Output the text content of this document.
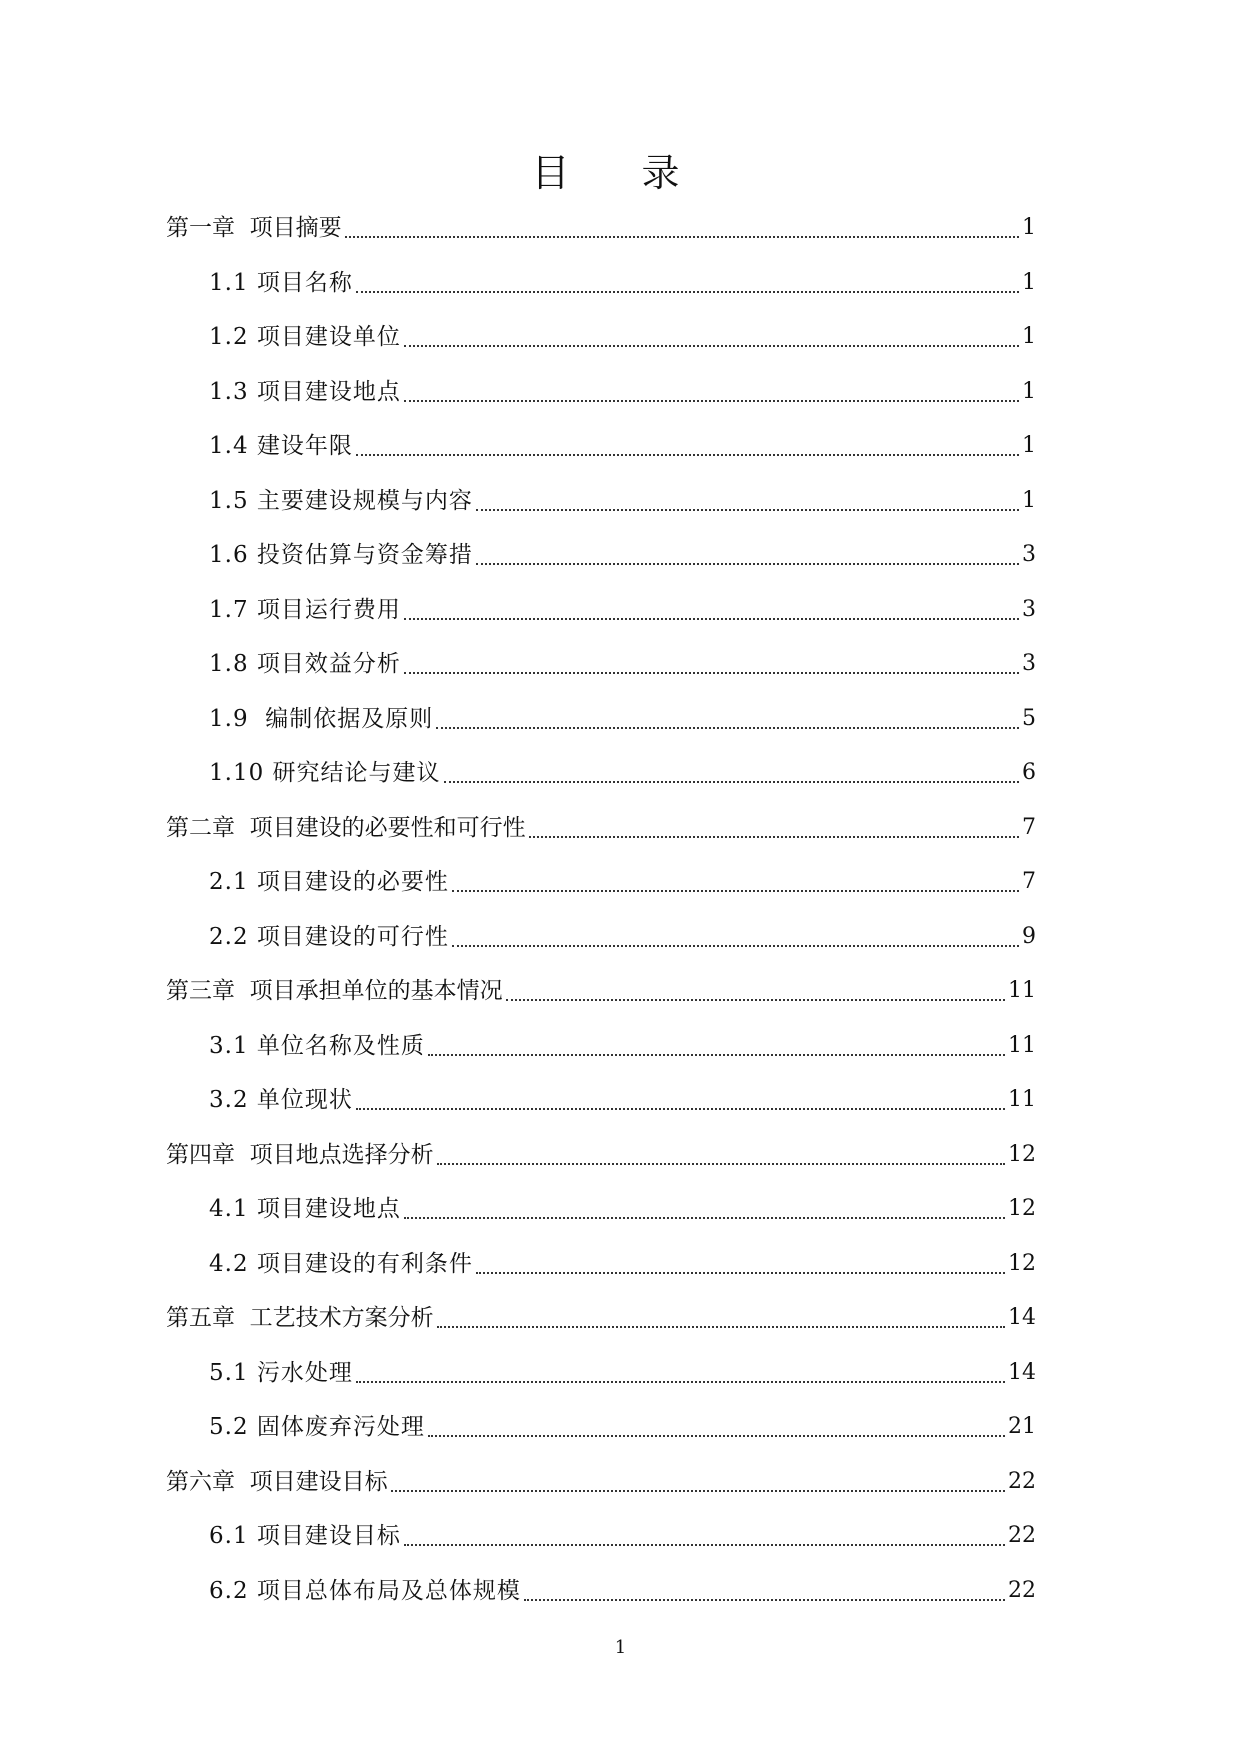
目 录
第一章  项目摘要	1
1.1 项目名称	1
1.2 项目建设单位	1
1.3 项目建设地点	1
1.4 建设年限	1
1.5 主要建设规模与内容	1
1.6 投资估算与资金筹措	3
1.7 项目运行费用	3
1.8 项目效益分析	3
1.9  编制依据及原则	5
1.10 研究结论与建议	6
第二章  项目建设的必要性和可行性	7
2.1 项目建设的必要性	7
2.2 项目建设的可行性	9
第三章  项目承担单位的基本情况	11
3.1 单位名称及性质	11
3.2 单位现状	11
第四章  项目地点选择分析	12
4.1 项目建设地点	12
4.2 项目建设的有利条件	12
第五章  工艺技术方案分析	14
5.1 污水处理	14
5.2 固体废弃污处理	21
第六章  项目建设目标	22
6.1 项目建设目标	22
6.2 项目总体布局及总体规模	22
1
